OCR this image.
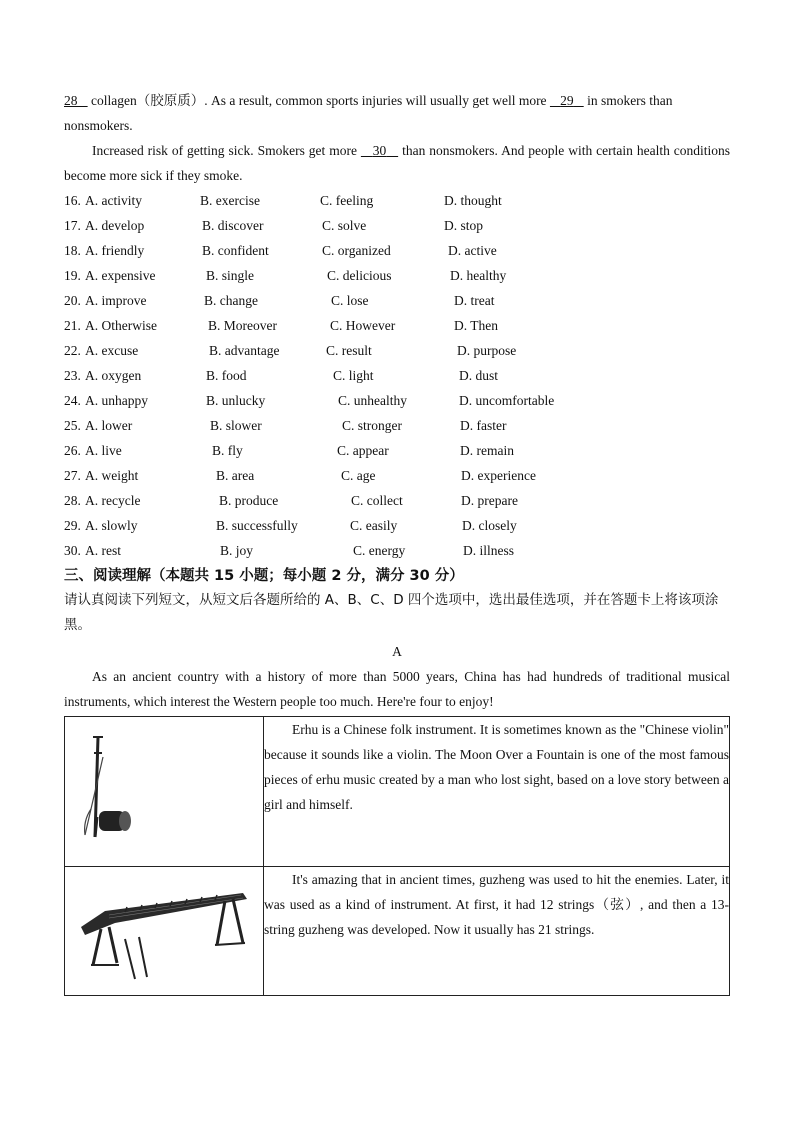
28    collagen（胶原质）. As a result, common sports injuries will usually get well more    29    in smokers than
nonsmokers.
Increased risk of getting sick. Smokers get more    30    than nonsmokers. And people with certain health conditions become more sick if they smoke.
16. A. activity	B. exercise	C. feeling	D. thought
17. A. develop	B. discover	C. solve	D. stop
18. A. friendly	B. confident	C. organized	D. active
19. A. expensive	B. single	C. delicious	D. healthy
20. A. improve	B. change	C. lose	D. treat
21. A. Otherwise	B. Moreover	C. However	D. Then
22. A. excuse	B. advantage	C. result	D. purpose
23. A. oxygen	B. food	C. light	D. dust
24. A. unhappy	B. unlucky	C. unhealthy	D. uncomfortable
25. A. lower	B. slower	C. stronger	D. faster
26. A. live	B. fly	C. appear	D. remain
27. A. weight	B. area	C. age	D. experience
28. A. recycle	B. produce	C. collect	D. prepare
29. A. slowly	B. successfully	C. easily	D. closely
30. A. rest	B. joy	C. energy	D. illness
三、阅读理解（本题共 15 小题；每小题 2 分，满分 30 分）
请认真阅读下列短文，从短文后各题所给的 A、B、C、D 四个选项中，选出最佳选项，并在答题卡上将该项涂黑。
A
As an ancient country with a history of more than 5000 years, China has had hundreds of traditional musical instruments, which interest the Western people too much. Here're four to enjoy!

Erhu is a Chinese folk instrument. It is sometimes known as the "Chinese violin" because it sounds like a violin. The Moon Over a Fountain is one of the most famous pieces of erhu music created by a man who lost sight, based on a love story between a girl and himself.

It's amazing that in ancient times, guzheng was used to hit the enemies. Later, it was used as a kind of instrument. At first, it had 12 strings（弦）, and then a 13-string guzheng was developed. Now it usually has 21 strings.
